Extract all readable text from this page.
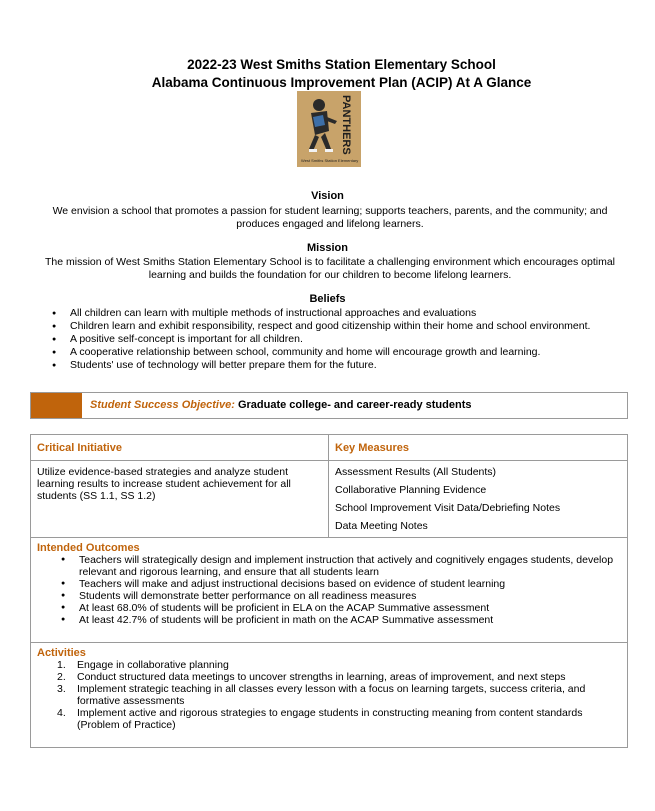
2022-23 West Smiths Station Elementary School
Alabama Continuous Improvement Plan (ACIP) At A Glance
PANTHERS
West Smiths Station Elementary
Vision
We envision a school that promotes a passion for student learning; supports teachers, parents, and the community; and produces engaged and lifelong learners.
Mission
The mission of West Smiths Station Elementary School is to facilitate a challenging environment which encourages optimal learning and builds the foundation for our children to become lifelong learners.
Beliefs
● All children can learn with multiple methods of instructional approaches and evaluations
● Children learn and exhibit responsibility, respect and good citizenship within their home and school environment.
● A positive self-concept is important for all children.
● A cooperative relationship between school, community and home will encourage growth and learning.
● Students' use of technology will better prepare them for the future.
Student Success Objective: Graduate college- and career-ready students
Critical Initiative	Key Measures
Utilize evidence-based strategies and analyze student learning results to increase student achievement for all students (SS 1.1, SS 1.2)
Assessment Results (All Students)
Collaborative Planning Evidence
School Improvement Visit Data/Debriefing Notes
Data Meeting Notes
Intended Outcomes
● Teachers will strategically design and implement instruction that actively and cognitively engages students, develop relevant and rigorous learning, and ensure that all students learn
● Teachers will make and adjust instructional decisions based on evidence of student learning
● Students will demonstrate better performance on all readiness measures
● At least 68.0% of students will be proficient in ELA on the ACAP Summative assessment
● At least 42.7% of students will be proficient in math on the ACAP Summative assessment
Activities
1. Engage in collaborative planning
2. Conduct structured data meetings to uncover strengths in learning, areas of improvement, and next steps
3. Implement strategic teaching in all classes every lesson with a focus on learning targets, success criteria, and formative assessments
4. Implement active and rigorous strategies to engage students in constructing meaning from content standards (Problem of Practice)
